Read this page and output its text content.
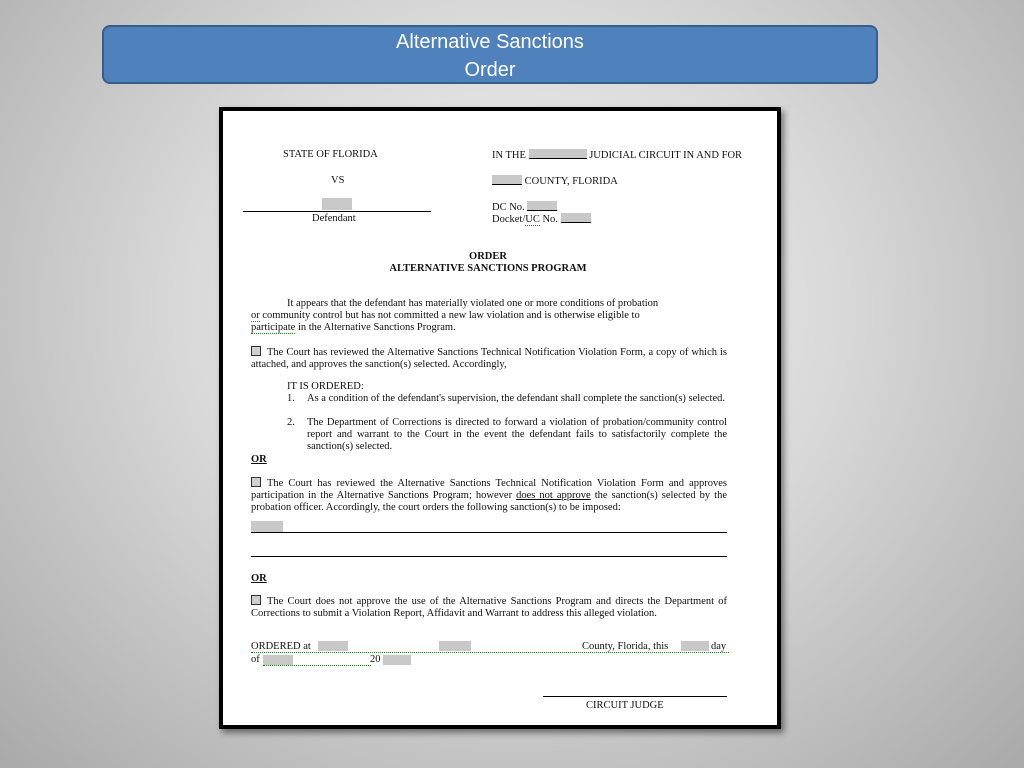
Alternative Sanctions
Order
STATE OF FLORIDA
VS
Defendant
IN THE	JUDICIAL CIRCUIT IN AND FOR
COUNTY, FLORIDA
DC No.
Docket/UC No.
ORDER
ALTERNATIVE SANCTIONS PROGRAM
It appears that the defendant has materially violated one or more conditions of probation
or community control but has not committed a new law violation and is otherwise eligible to
participate in the Alternative Sanctions Program.
The Court has reviewed the Alternative Sanctions Technical Notification Violation Form, a copy of which is attached, and approves the sanction(s) selected. Accordingly,
IT IS ORDERED:
1. As a condition of the defendant's supervision, the defendant shall complete the sanction(s) selected.
2. The Department of Corrections is directed to forward a violation of probation/community control report and warrant to the Court in the event the defendant fails to satisfactorily complete the sanction(s) selected.
OR
The Court has reviewed the Alternative Sanctions Technical Notification Violation Form and approves participation in the Alternative Sanctions Program; however does not approve the sanction(s) selected by the probation officer. Accordingly, the court orders the following sanction(s) to be imposed:
OR
The Court does not approve the use of the Alternative Sanctions Program and directs the Department of Corrections to submit a Violation Report, Affidavit and Warrant to address this alleged violation.
ORDERED at	County, Florida, this	day
of	20
CIRCUIT JUDGE
